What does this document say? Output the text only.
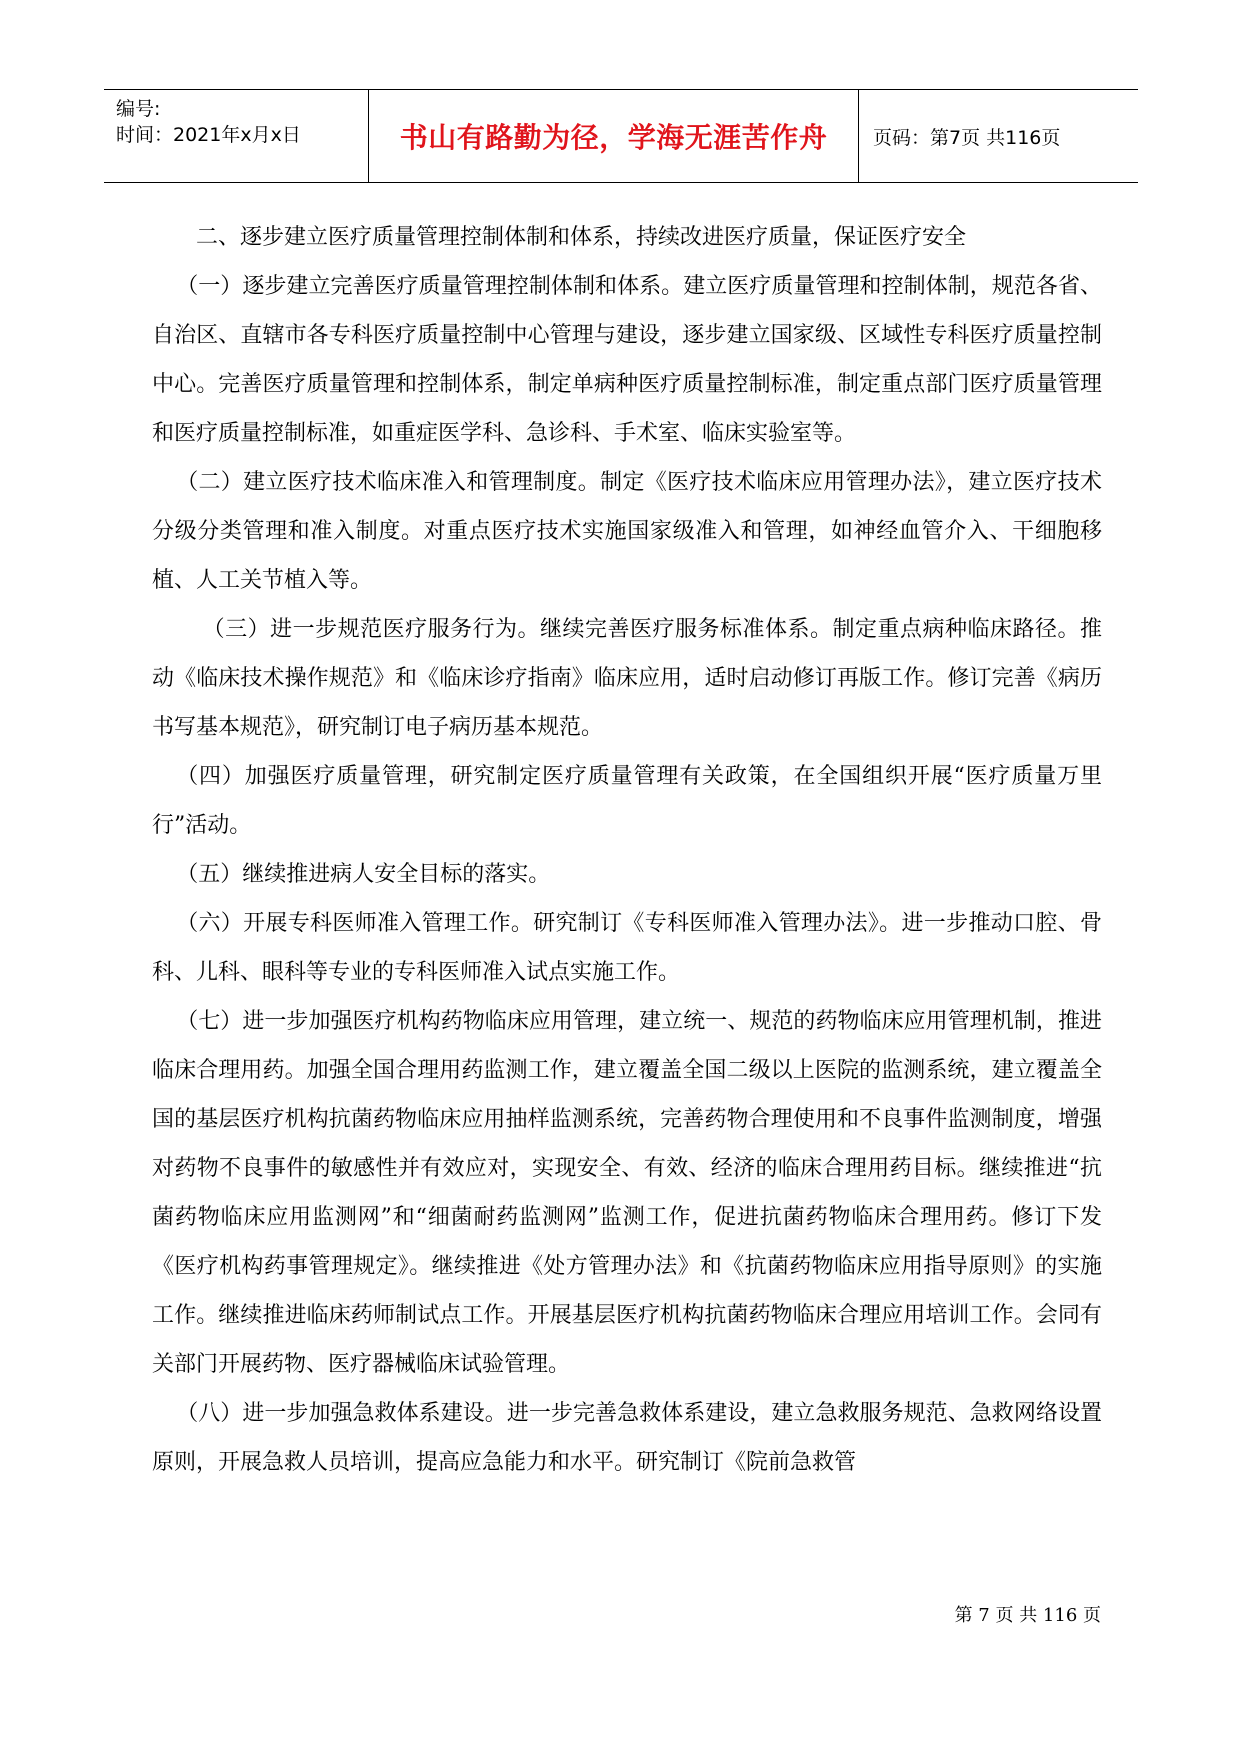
编号:
时间：2021年x月x日	书山有路勤为径，学海无涯苦作舟 页码：第7页 共116页

二、逐步建立医疗质量管理控制体制和体系，持续改进医疗质量，保证医疗安全

（一）逐步建立完善医疗质量管理控制体制和体系。建立医疗质量管理和控制体制，规范各省、自治区、直辖市各专科医疗质量控制中心管理与建设，逐步建立国家级、区域性专科医疗质量控制中心。完善医疗质量管理和控制体系，制定单病种医疗质量控制标准，制定重点部门医疗质量管理和医疗质量控制标准，如重症医学科、急诊科、手术室、临床实验室等。

（二）建立医疗技术临床准入和管理制度。制定《医疗技术临床应用管理办法》，建立医疗技术分级分类管理和准入制度。对重点医疗技术实施国家级准入和管理，如神经血管介入、干细胞移植、人工关节植入等。

（三）进一步规范医疗服务行为。继续完善医疗服务标准体系。制定重点病种临床路径。推动《临床技术操作规范》和《临床诊疗指南》临床应用，适时启动修订再版工作。修订完善《病历书写基本规范》，研究制订电子病历基本规范。

（四）加强医疗质量管理，研究制定医疗质量管理有关政策，在全国组织开展“医疗质量万里行”活动。

（五）继续推进病人安全目标的落实。

（六）开展专科医师准入管理工作。研究制订《专科医师准入管理办法》。进一步推动口腔、骨科、儿科、眼科等专业的专科医师准入试点实施工作。

（七）进一步加强医疗机构药物临床应用管理，建立统一、规范的药物临床应用管理机制，推进临床合理用药。加强全国合理用药监测工作，建立覆盖全国二级以上医院的监测系统，建立覆盖全国的基层医疗机构抗菌药物临床应用抽样监测系统，完善药物合理使用和不良事件监测制度，增强对药物不良事件的敏感性并有效应对，实现安全、有效、经济的临床合理用药目标。继续推进“抗菌药物临床应用监测网”和“细菌耐药监测网”监测工作，促进抗菌药物临床合理用药。修订下发《医疗机构药事管理规定》。继续推进《处方管理办法》和《抗菌药物临床应用指导原则》的实施工作。继续推进临床药师制试点工作。开展基层医疗机构抗菌药物临床合理应用培训工作。会同有关部门开展药物、医疗器械临床试验管理。

（八）进一步加强急救体系建设。进一步完善急救体系建设，建立急救服务规范、急救网络设置原则，开展急救人员培训，提高应急能力和水平。研究制订《院前急救管

第 7 页 共 116 页
